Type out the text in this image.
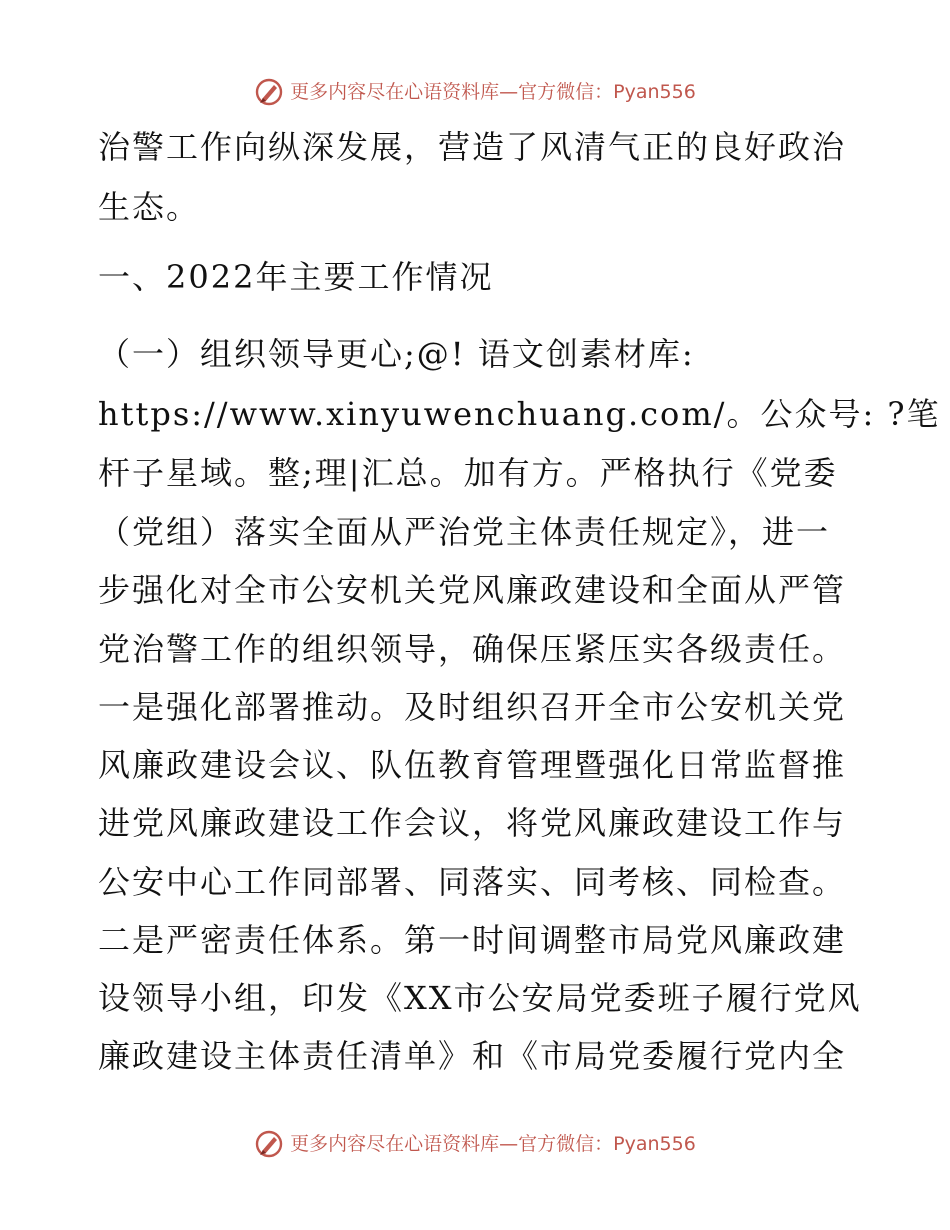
更多内容尽在心语资料库—官方微信： Pyan556
治警工作向纵深发展，营造了风清气正的良好政治
生态。
一、2022年主要工作情况
（一）组织领导更心;@! 语文创素材库:
https://www.xinyuwenchuang.com/。公众号: ?笔
杆子星域。整;理|汇总。加有方。严格执行《党委
（党组）落实全面从严治党主体责任规定》，进一
步强化对全市公安机关党风廉政建设和全面从严管
党治警工作的组织领导，确保压紧压实各级责任。
一是强化部署推动。及时组织召开全市公安机关党
风廉政建设会议、队伍教育管理暨强化日常监督推
进党风廉政建设工作会议，将党风廉政建设工作与
公安中心工作同部署、同落实、同考核、同检查。
二是严密责任体系。第一时间调整市局党风廉政建
设领导小组，印发《XX市公安局党委班子履行党风
廉政建设主体责任清单》和《市局党委履行党内全
更多内容尽在心语资料库—官方微信： Pyan556
